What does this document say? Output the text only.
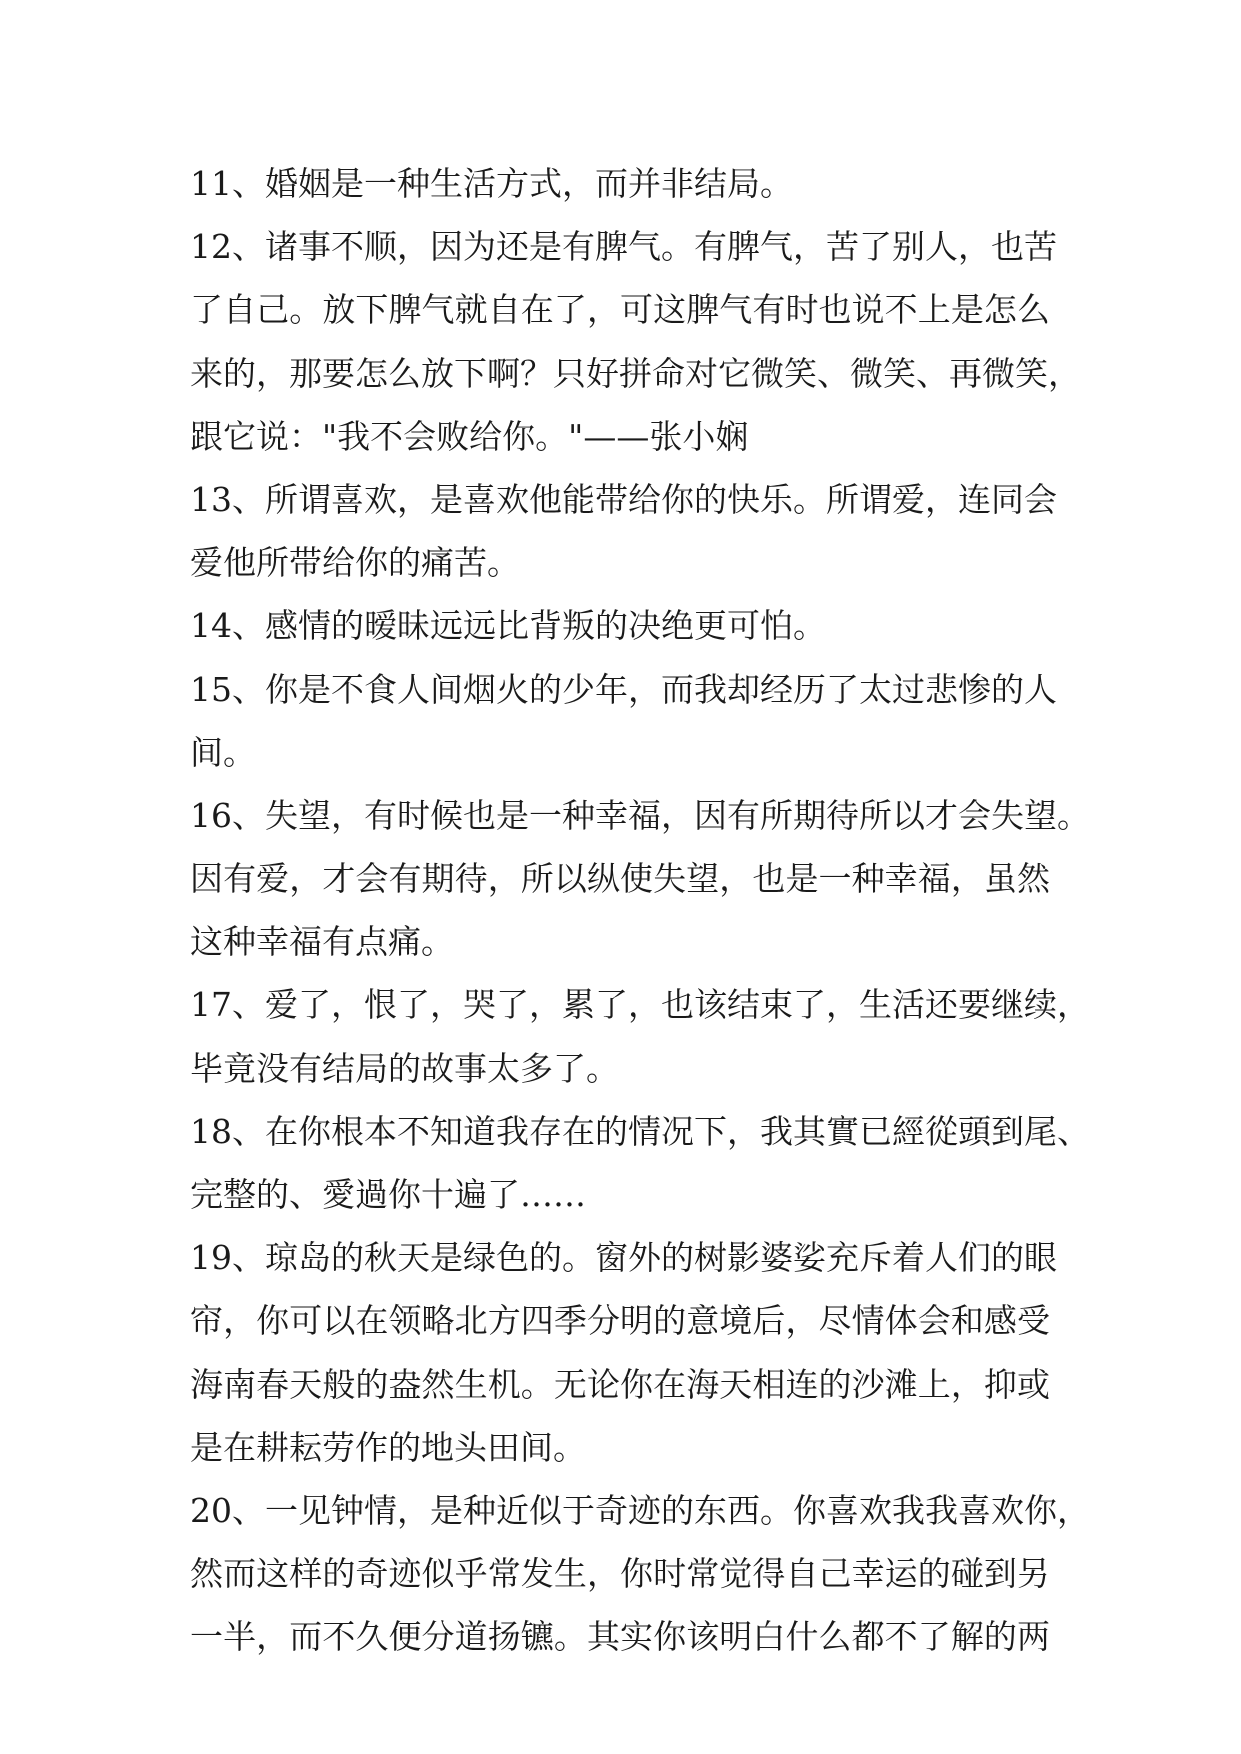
11、婚姻是一种生活方式，而并非结局。
12、诸事不顺，因为还是有脾气。有脾气，苦了别人，也苦
了自己。放下脾气就自在了，可这脾气有时也说不上是怎么
来的，那要怎么放下啊？只好拼命对它微笑、微笑、再微笑，
跟它说："我不会败给你。"——张小娴
13、所谓喜欢，是喜欢他能带给你的快乐。所谓爱，连同会
爱他所带给你的痛苦。
14、感情的暧昧远远比背叛的决绝更可怕。
15、你是不食人间烟火的少年，而我却经历了太过悲惨的人
间。
16、失望，有时候也是一种幸福，因有所期待所以才会失望。
因有爱，才会有期待，所以纵使失望，也是一种幸福，虽然
这种幸福有点痛。
17、爱了，恨了，哭了，累了，也该结束了，生活还要继续，
毕竟没有结局的故事太多了。
18、在你根本不知道我存在的情况下，我其實已經從頭到尾、
完整的、愛過你十遍了……
19、琼岛的秋天是绿色的。窗外的树影婆娑充斥着人们的眼
帘，你可以在领略北方四季分明的意境后，尽情体会和感受
海南春天般的盎然生机。无论你在海天相连的沙滩上，抑或
是在耕耘劳作的地头田间。
20、一见钟情，是种近似于奇迹的东西。你喜欢我我喜欢你，
然而这样的奇迹似乎常发生，你时常觉得自己幸运的碰到另
一半，而不久便分道扬镳。其实你该明白什么都不了解的两
